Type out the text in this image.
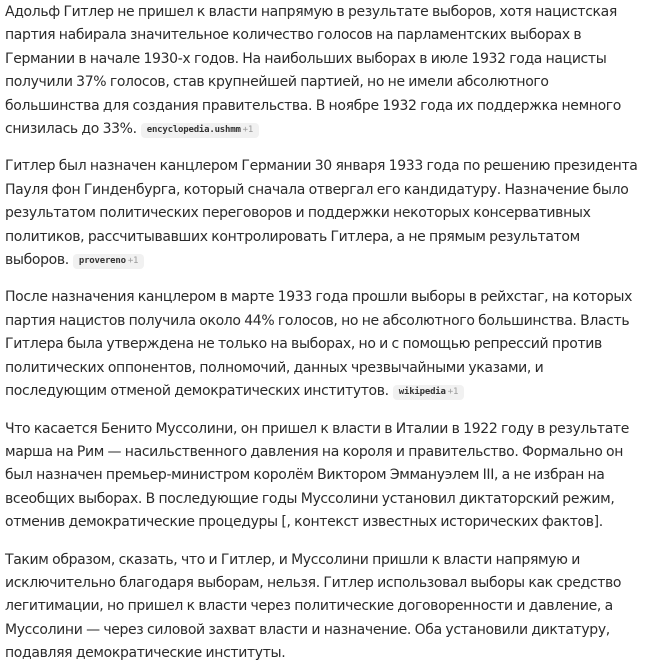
Адольф Гитлер не пришел к власти напрямую в результате выборов, хотя нацистская партия набирала значительное количество голосов на парламентских выборах в Германии в начале 1930-х годов. На наибольших выборах в июле 1932 года нацисты получили 37% голосов, став крупнейшей партией, но не имели абсолютного большинства для создания правительства. В ноябре 1932 года их поддержка немного снизилась до 33%. encyclopedia.ushmm +1

Гитлер был назначен канцлером Германии 30 января 1933 года по решению президента Пауля фон Гинденбурга, который сначала отвергал его кандидатуру. Назначение было результатом политических переговоров и поддержки некоторых консервативных политиков, рассчитывавших контролировать Гитлера, а не прямым результатом выборов. provereno +1

После назначения канцлером в марте 1933 года прошли выборы в рейхстаг, на которых партия нацистов получила около 44% голосов, но не абсолютного большинства. Власть Гитлера была утверждена не только на выборах, но и с помощью репрессий против политических оппонентов, полномочий, данных чрезвычайными указами, и последующим отменой демократических институтов. wikipedia +1

Что касается Бенито Муссолини, он пришел к власти в Италии в 1922 году в результате марша на Рим — насильственного давления на короля и правительство. Формально он был назначен премьер-министром королём Виктором Эммануэлем III, а не избран на всеобщих выборах. В последующие годы Муссолини установил диктаторский режим, отменив демократические процедуры [, контекст известных исторических фактов].

Таким образом, сказать, что и Гитлер, и Муссолини пришли к власти напрямую и исключительно благодаря выборам, нельзя. Гитлер использовал выборы как средство легитимации, но пришел к власти через политические договоренности и давление, а Муссолини — через силовой захват власти и назначение. Оба установили диктатуру, подавляя демократические институты.
